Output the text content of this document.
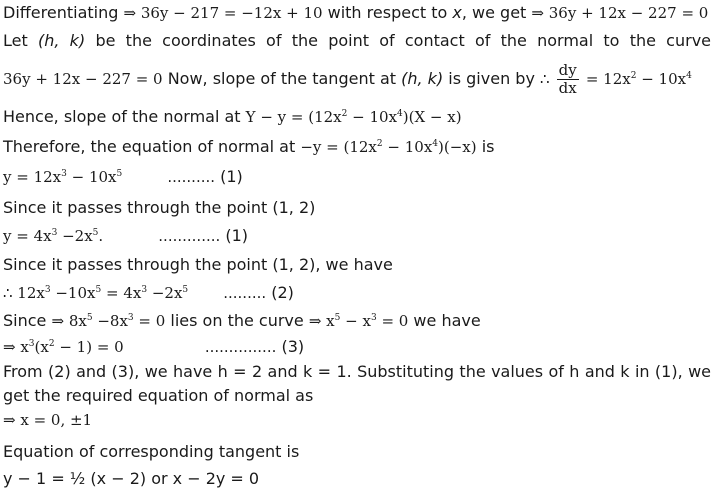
Differentiating ⇒ 36y − 217 = −12x + 10 with respect to x, we get ⇒ 36y + 12x − 227 = 0
Let (h, k) be the coordinates of the point of contact of the normal to the curve
36y + 12x − 227 = 0 Now, slope of the tangent at (h, k) is given by ∴ $\frac{dy}{dx} = 12x^2 - 10x^4$
Hence, slope of the normal at $Y - y = (12x^2 - 10x^4)(X - x)$
Therefore, the equation of normal at $-y = (12x^2 - 10x^4)(-x)$ is
$y = 12x^3 - 10x^5$	.......... (1)
Since it passes through the point (1, 2)
$y = 4x^3 -2x^5$.	............. (1)
Since it passes through the point (1, 2), we have
∴ $12x^3 -10x^5 = 4x^3 -2x^5$ ......... (2)
Since ⇒ $8x^5 -8x^3 = 0$ lies on the curve ⇒ $x^5 - x^3 = 0$ we have
⇒ $x^3(x^2 - 1) = 0$	............... (3)
From (2) and (3), we have h = 2 and k = 1. Substituting the values of h and k in (1), we
get the required equation of normal as
⇒ x = 0, ±1
Equation of corresponding tangent is
y − 1 = ½ (x − 2) or x − 2y = 0
